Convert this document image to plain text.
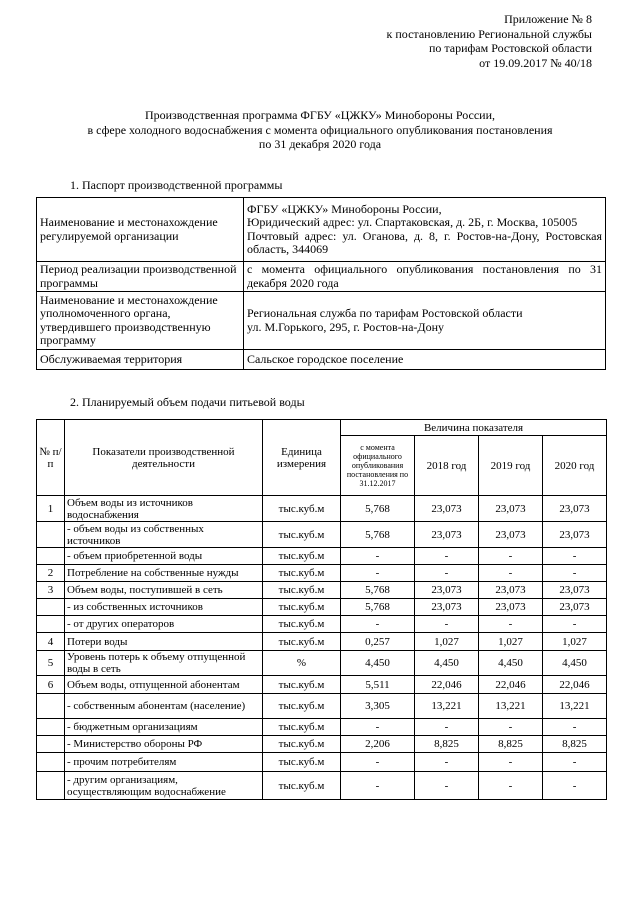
Приложение № 8
к постановлению Региональной службы
по тарифам Ростовской области
от 19.09.2017 № 40/18
Производственная программа ФГБУ «ЦЖКУ» Минобороны России,
в сфере холодного водоснабжения с момента официального опубликования постановления
по 31 декабря 2020 года
1. Паспорт производственной программы
Наименование и местонахождение регулируемой организации	ФГБУ «ЦЖКУ» Минобороны России,
Юридический адрес: ул. Спартаковская, д. 2Б, г. Москва, 105005
Почтовый адрес: ул. Оганова, д. 8, г. Ростов-на-Дону, Ростовская область, 344069

Период реализации производственной программы	с момента официального опубликования постановления по 31 декабря 2020 года
Наименование и местонахождение уполномоченного органа, утвердившего производственную программу	Региональная служба по тарифам Ростовской области
ул. М.Горького, 295, г. Ростов-на-Дону

Обслуживаемая территория	Сальское городское поселение
2. Планируемый объем подачи питьевой воды
№ п/п	Показатели производственной деятельности	Единица измерения	Величина показателя			
			с момента официального опубликования постановления по 31.12.2017	2018 год	2019 год	2020 год
1	Объем воды из источников водоснабжения	тыс.куб.м	5,768	23,073	23,073	23,073
	- объем воды из собственных источников	тыс.куб.м	5,768	23,073	23,073	23,073
	- объем приобретенной воды	тыс.куб.м	-	-	-	-
2	Потребление на собственные нужды	тыс.куб.м	-	-	-	-
3	Объем воды, поступившей в сеть	тыс.куб.м	5,768	23,073	23,073	23,073
	- из собственных источников	тыс.куб.м	5,768	23,073	23,073	23,073
	- от других операторов	тыс.куб.м	-	-	-	-
4	Потери воды	тыс.куб.м	0,257	1,027	1,027	1,027
5	Уровень потерь к объему отпущенной воды в сеть	%	4,450	4,450	4,450	4,450
6	Объем воды, отпущенной абонентам	тыс.куб.м	5,511	22,046	22,046	22,046
	- собственным абонентам (население)	тыс.куб.м	3,305	13,221	13,221	13,221
	- бюджетным организациям	тыс.куб.м	-	-	-	-
	- Министерство обороны РФ	тыс.куб.м	2,206	8,825	8,825	8,825
	- прочим потребителям	тыс.куб.м	-	-	-	-
	- другим организациям, осуществляющим водоснабжение	тыс.куб.м	-	-	-	-
